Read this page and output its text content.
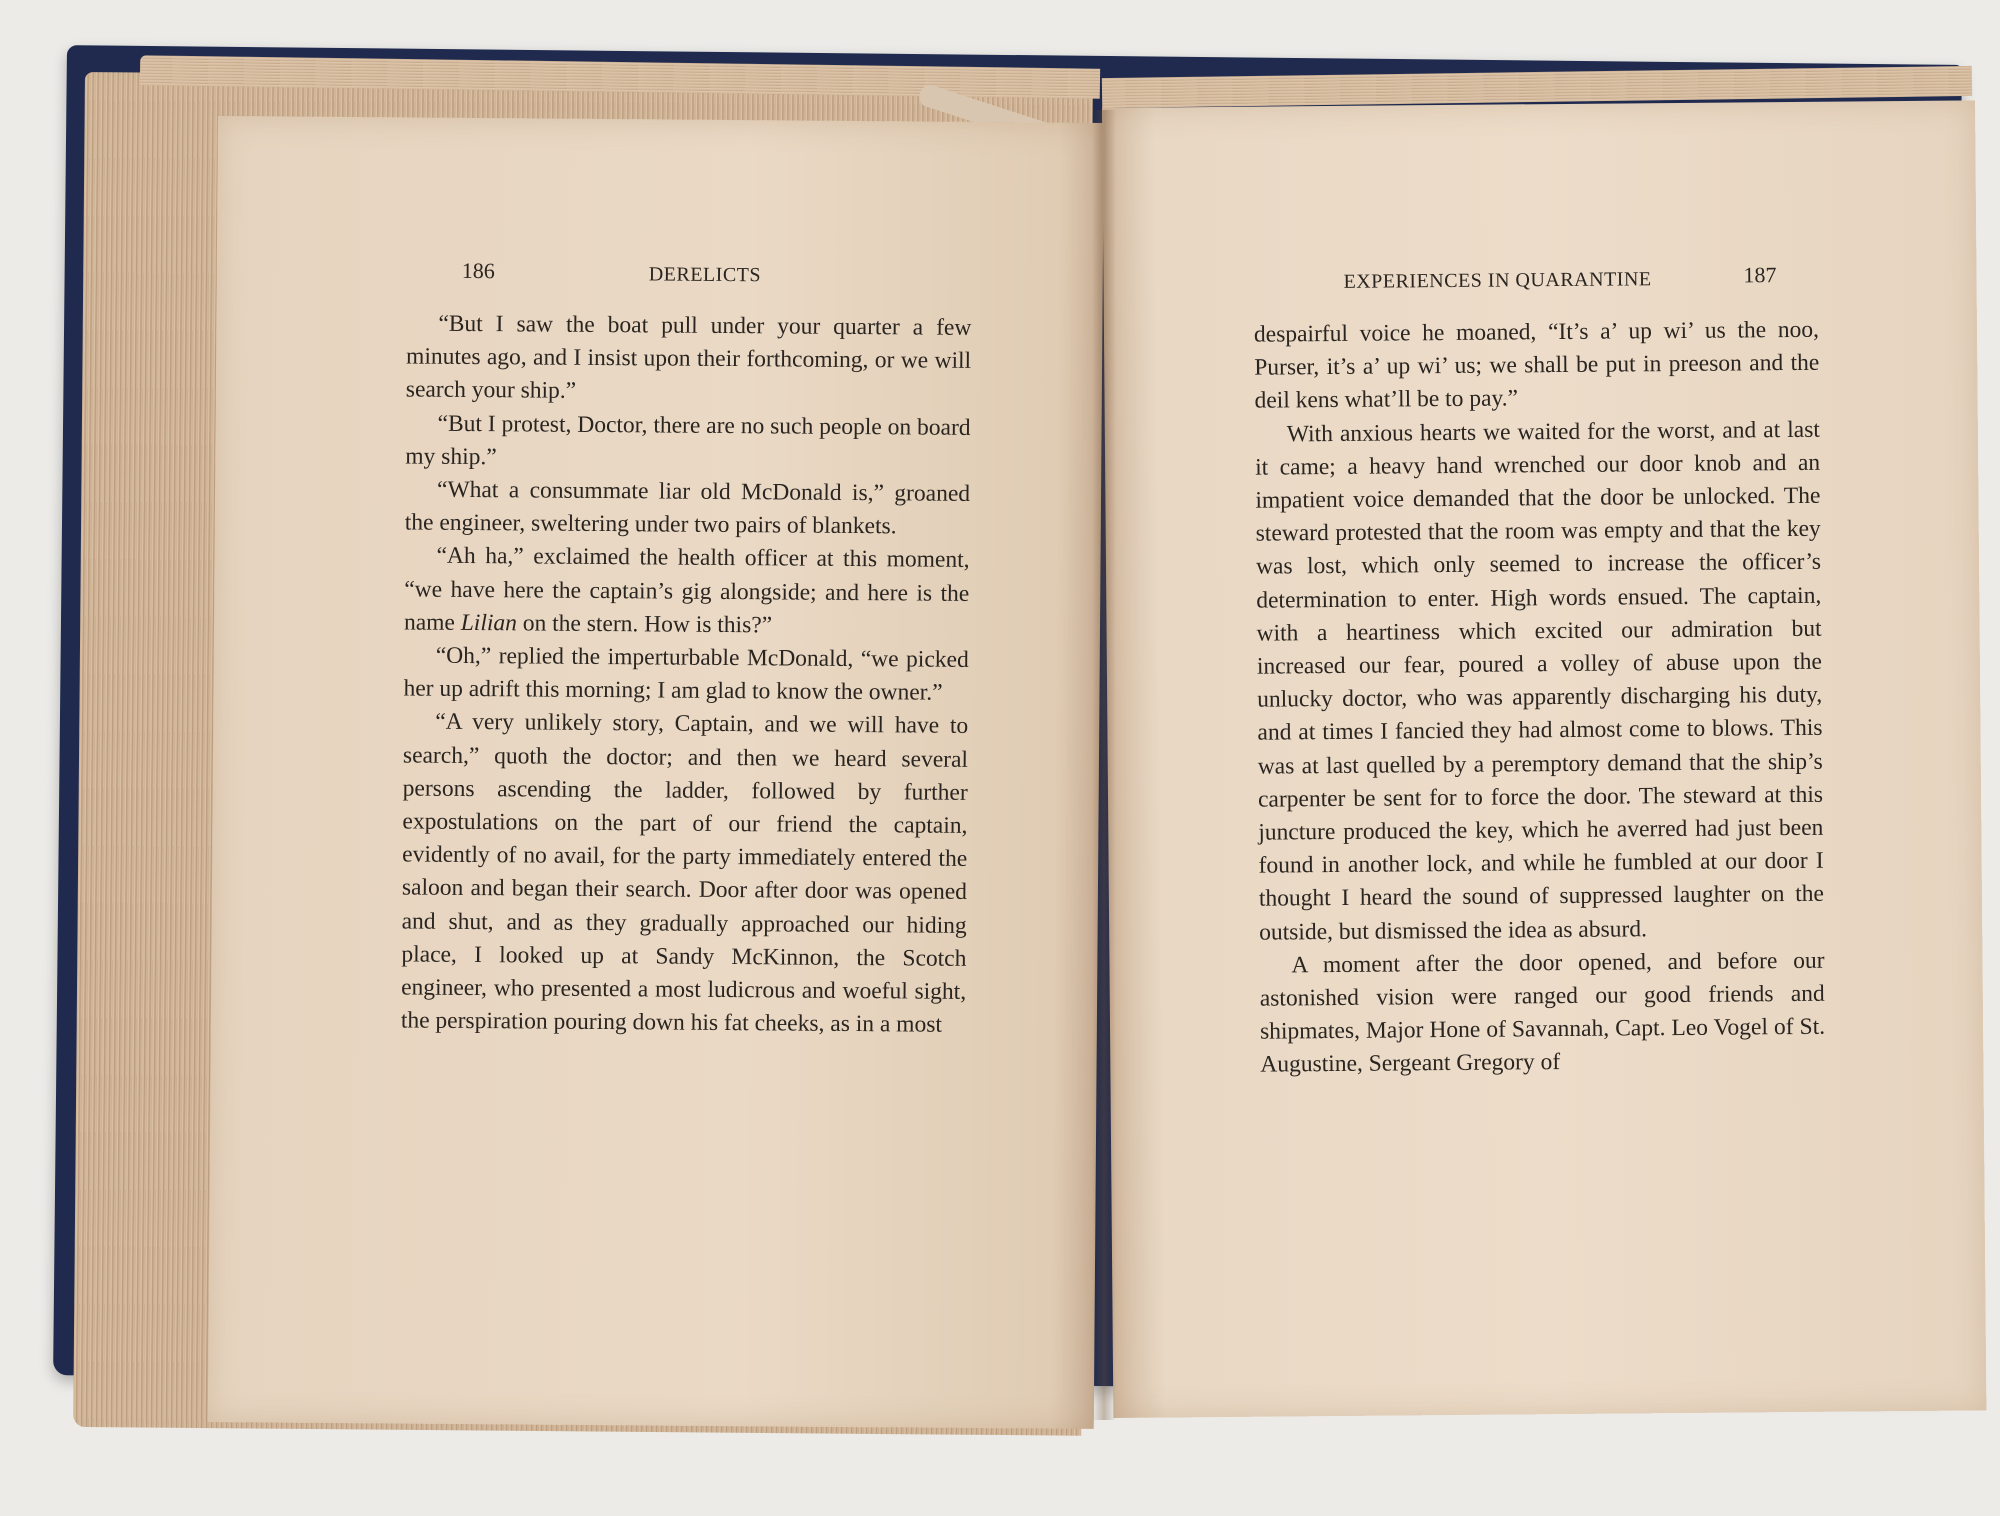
186	DERELICTS

“But I saw the boat pull under your quarter a few minutes ago, and I insist upon their forthcoming, or we will search your ship.”

“But I protest, Doctor, there are no such people on board my ship.”

“What a consummate liar old McDonald is,” groaned the engineer, sweltering under two pairs of blankets.

“Ah ha,” exclaimed the health officer at this moment, “we have here the captain’s gig alongside; and here is the name Lilian on the stern. How is this?”

“Oh,” replied the imperturbable McDonald, “we picked her up adrift this morning; I am glad to know the owner.”

“A very unlikely story, Captain, and we will have to search,” quoth the doctor; and then we heard several persons ascending the ladder, followed by further expostulations on the part of our friend the captain, evidently of no avail, for the party immediately entered the saloon and began their search. Door after door was opened and shut, and as they gradually approached our hiding place, I looked up at Sandy McKinnon, the Scotch engineer, who presented a most ludicrous and woeful sight, the perspiration pouring down his fat cheeks, as in a most

EXPERIENCES IN QUARANTINE	187

despairful voice he moaned, “It’s a’ up wi’ us the noo, Purser, it’s a’ up wi’ us; we shall be put in preeson and the deil kens what’ll be to pay.”

With anxious hearts we waited for the worst, and at last it came; a heavy hand wrenched our door knob and an impatient voice demanded that the door be unlocked. The steward protested that the room was empty and that the key was lost, which only seemed to increase the officer’s determination to enter. High words ensued. The captain, with a heartiness which excited our admiration but increased our fear, poured a volley of abuse upon the unlucky doctor, who was apparently discharging his duty, and at times I fancied they had almost come to blows. This was at last quelled by a peremptory demand that the ship’s carpenter be sent for to force the door. The steward at this juncture produced the key, which he averred had just been found in another lock, and while he fumbled at our door I thought I heard the sound of suppressed laughter on the outside, but dismissed the idea as absurd.

A moment after the door opened, and before our astonished vision were ranged our good friends and shipmates, Major Hone of Savannah, Capt. Leo Vogel of St. Augustine, Sergeant Gregory of
